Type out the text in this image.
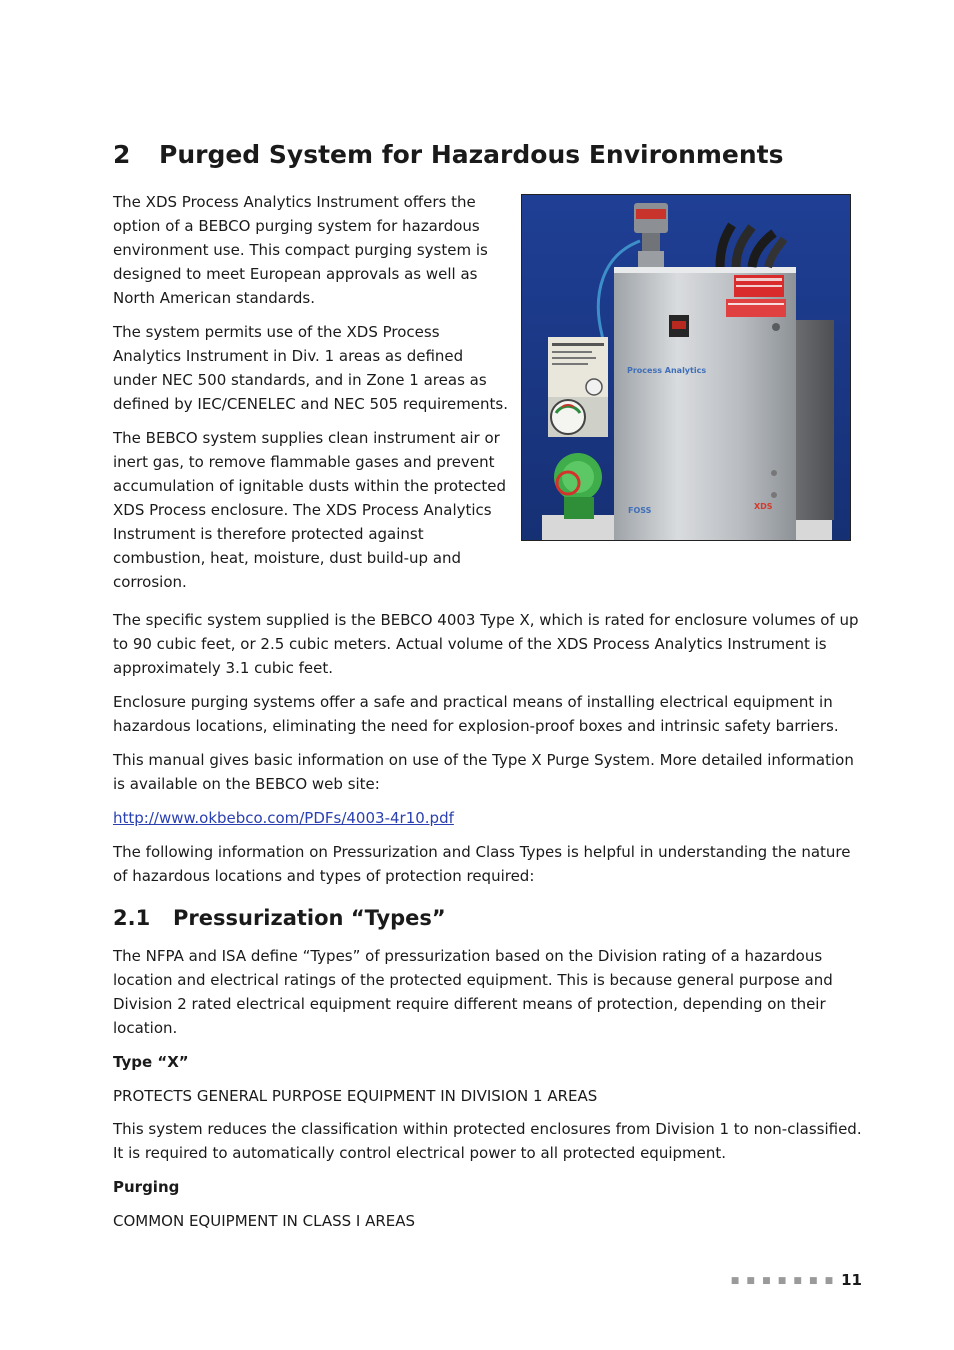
2 Purged System for Hazardous Environments

The XDS Process Analytics Instrument offers the option of a BEBCO purging system for hazardous environment use. This compact purging system is designed to meet European approvals as well as North American standards.

The system permits use of the XDS Process Analytics Instrument in Div. 1 areas as defined under NEC 500 standards, and in Zone 1 areas as defined by IEC/CENELEC and NEC 505 requirements.

The BEBCO system supplies clean instrument air or inert gas, to remove flammable gases and prevent accumulation of ignitable dusts within the protected XDS Process enclosure. The XDS Process Analytics Instrument is therefore protected against combustion, heat, moisture, dust build-up and corrosion.

Process Analytics
FOSS	XDS

The specific system supplied is the BEBCO 4003 Type X, which is rated for enclosure volumes of up to 90 cubic feet, or 2.5 cubic meters. Actual volume of the XDS Process Analytics Instrument is approximately 3.1 cubic feet.

Enclosure purging systems offer a safe and practical means of installing electrical equipment in hazardous locations, eliminating the need for explosion-proof boxes and intrinsic safety barriers.

This manual gives basic information on use of the Type X Purge System. More detailed information is available on the BEBCO web site:

http://www.okbebco.com/PDFs/4003-4r10.pdf

The following information on Pressurization and Class Types is helpful in understanding the nature of hazardous locations and types of protection required:

2.1 Pressurization “Types”

The NFPA and ISA define “Types” of pressurization based on the Division rating of a hazardous location and electrical ratings of the protected equipment. This is because general purpose and Division 2 rated electrical equipment require different means of protection, depending on their location.

Type “X”

PROTECTS GENERAL PURPOSE EQUIPMENT IN DIVISION 1 AREAS

This system reduces the classification within protected enclosures from Division 1 to non-classified. It is required to automatically control electrical power to all protected equipment.

Purging

COMMON EQUIPMENT IN CLASS I AREAS

■ ■ ■ ■ ■ ■ ■ 11
